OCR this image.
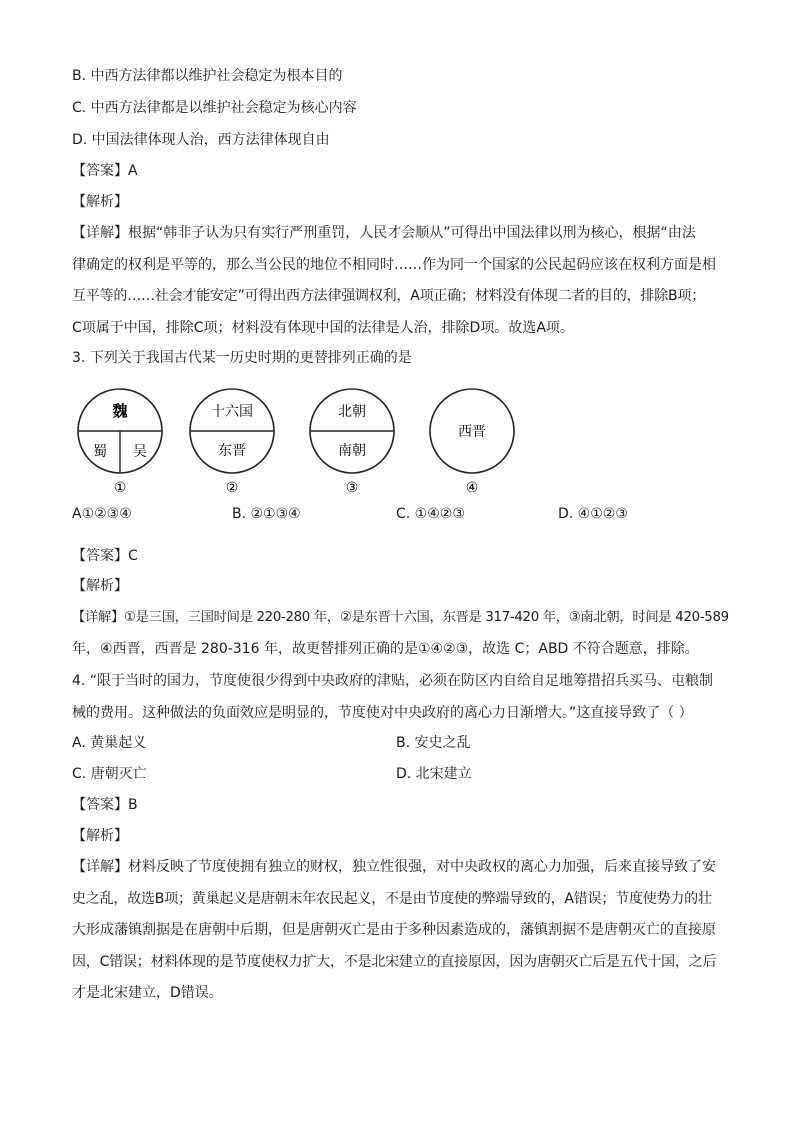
B. 中西方法律都以维护社会稳定为根本目的
C. 中西方法律都是以维护社会稳定为核心内容
D. 中国法律体现人治，西方法律体现自由
【答案】A
【解析】
【详解】根据“韩非子认为只有实行严刑重罚，人民才会顺从”可得出中国法律以刑为核心，根据“由法
律确定的权利是平等的，那么当公民的地位不相同时……作为同一个国家的公民起码应该在权利方面是相
互平等的……社会才能安定”可得出西方法律强调权利，A项正确；材料没有体现二者的目的，排除B项；
C项属于中国，排除C项；材料没有体现中国的法律是人治，排除D项。故选A项。
3. 下列关于我国古代某一历史时期的更替排列正确的是
魏
蜀 吴
①
十六国
东晋
②
北朝
南朝
③
西晋
④
A①②③④	B. ②①③④	C. ①④②③	D. ④①②③
【答案】C
【解析】
【详解】①是三国，三国时间是 220-280 年，②是东晋十六国，东晋是 317-420 年，③南北朝，时间是 420-589
年，④西晋，西晋是 280-316 年，故更替排列正确的是①④②③，故选 C；ABD 不符合题意，排除。
4. “限于当时的国力，节度使很少得到中央政府的津贴，必须在防区内自给自足地筹措招兵买马、屯粮制
械的费用。这种做法的负面效应是明显的，节度使对中央政府的离心力日渐增大。”这直接导致了（ ）
A. 黄巢起义	B. 安史之乱
C. 唐朝灭亡	D. 北宋建立
【答案】B
【解析】
【详解】材料反映了节度使拥有独立的财权，独立性很强，对中央政权的离心力加强，后来直接导致了安
史之乱，故选B项；黄巢起义是唐朝末年农民起义，不是由节度使的弊端导致的，A错误；节度使势力的壮
大形成藩镇割据是在唐朝中后期，但是唐朝灭亡是由于多种因素造成的，藩镇割据不是唐朝灭亡的直接原
因，C错误；材料体现的是节度使权力扩大，不是北宋建立的直接原因，因为唐朝灭亡后是五代十国，之后
才是北宋建立，D错误。
